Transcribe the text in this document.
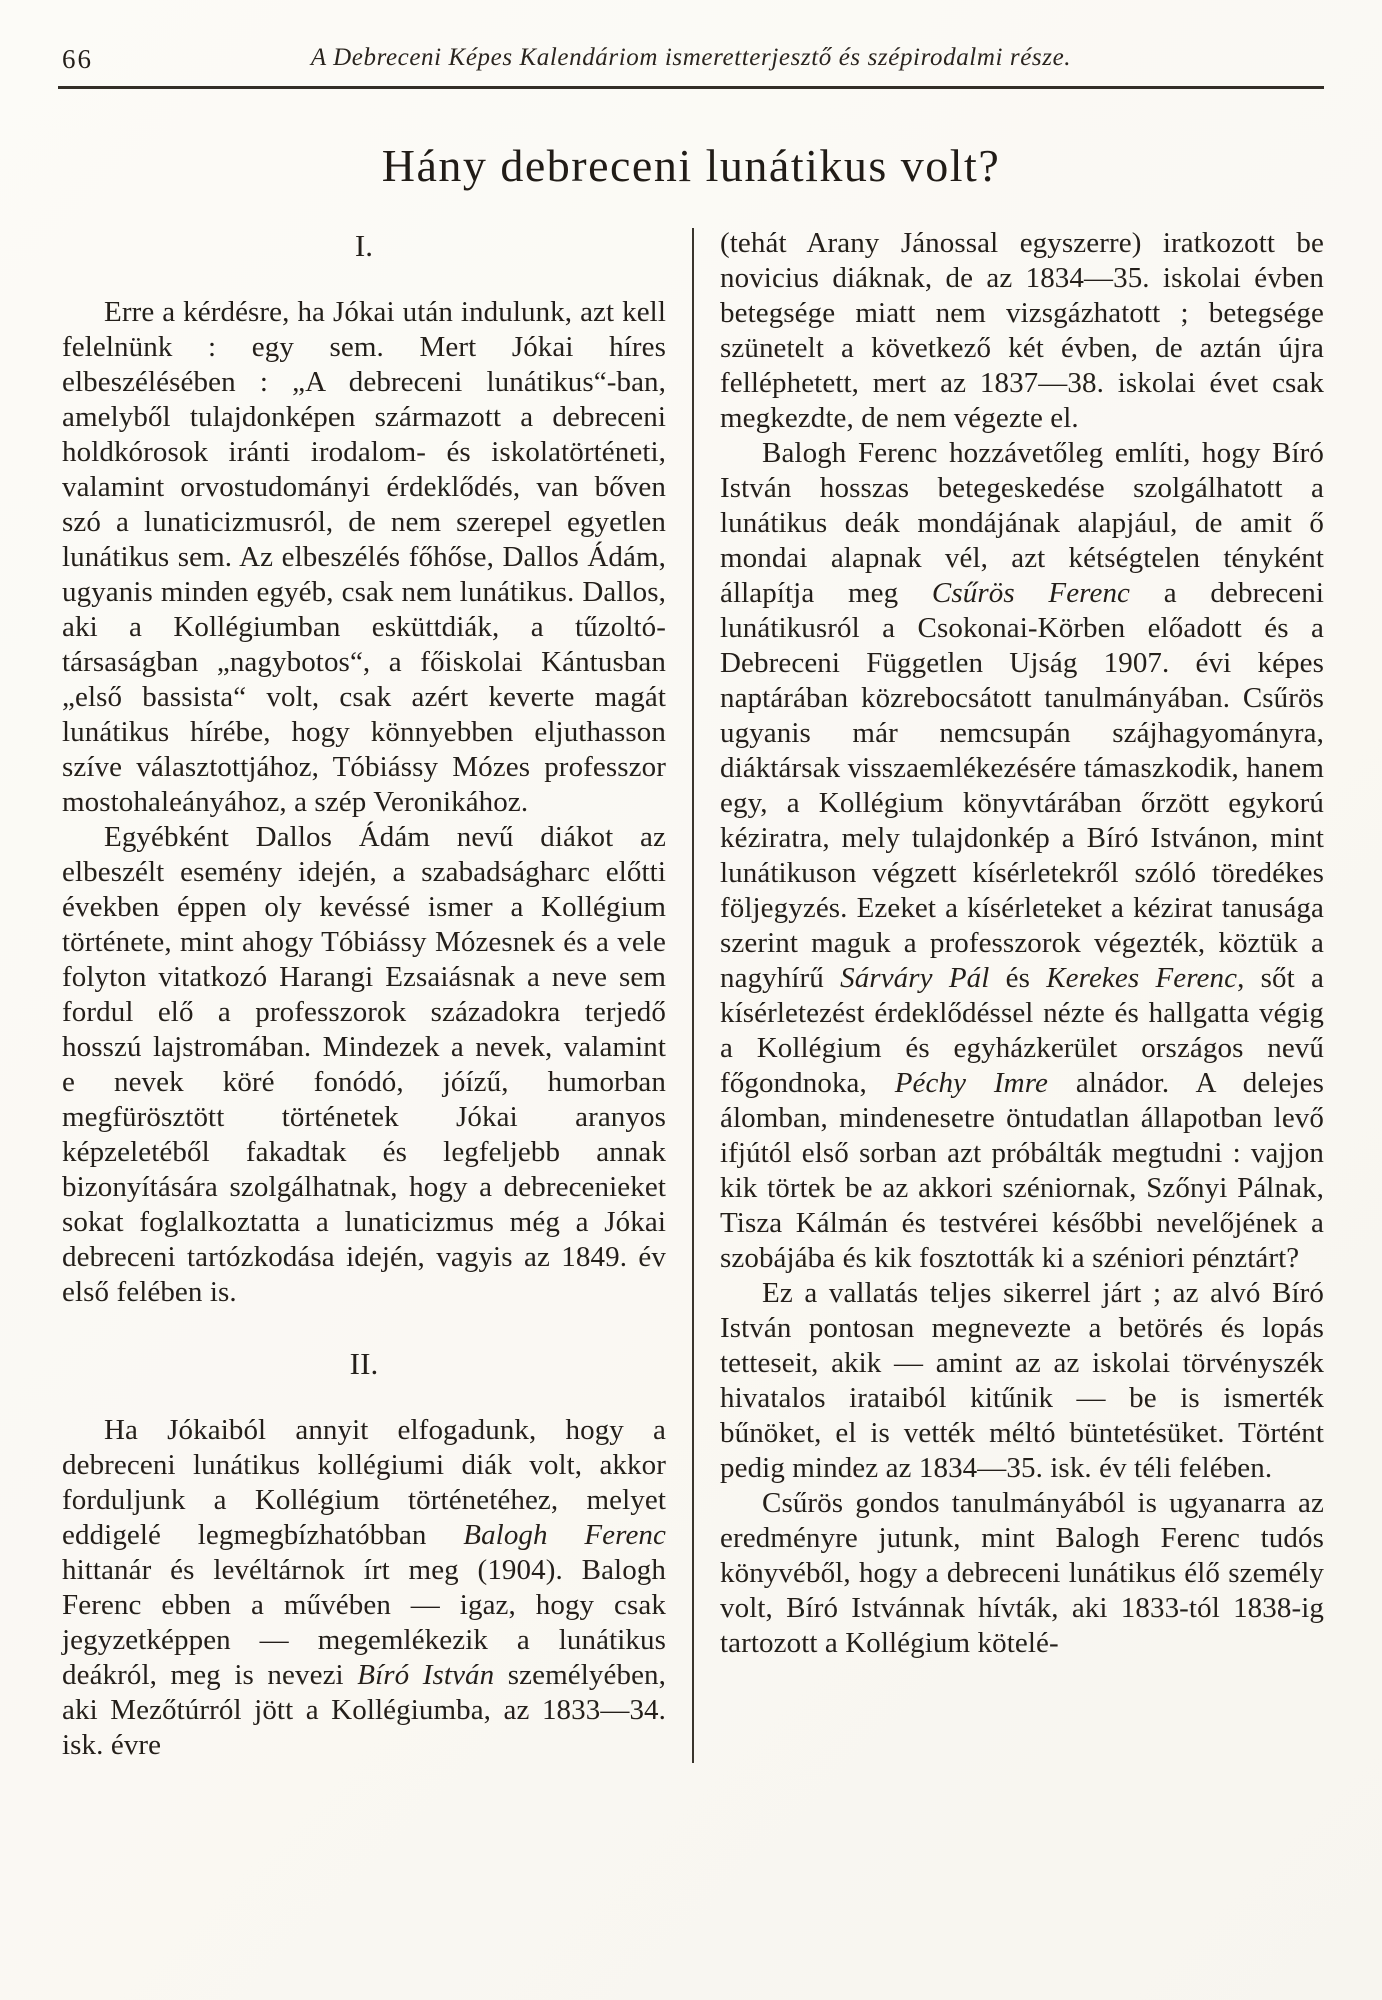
66	A Debreceni Képes Kalendáriom ismeretterjesztő és szépirodalmi része.
Hány debreceni lunátikus volt?
I.

Erre a kérdésre, ha Jókai után indulunk, azt kell felelnünk : egy sem. Mert Jókai híres elbeszélésében : „A debreceni lunátikus“-ban, amelyből tulajdonképen származott a debreceni holdkórosok iránti irodalom- és iskolatörténeti, valamint orvostudományi érdeklődés, van bőven szó a lunaticizmusról, de nem szerepel egyetlen lunátikus sem. Az elbeszélés főhőse, Dallos Ádám, ugyanis minden egyéb, csak nem lunátikus. Dallos, aki a Kollégiumban esküttdiák, a tűzoltó-társaságban „nagybotos“, a főiskolai Kántusban „első bassista“ volt, csak azért keverte magát lunátikus hírébe, hogy könnyebben eljuthasson szíve választottjához, Tóbiássy Mózes professzor mostohaleányához, a szép Veronikához.

Egyébként Dallos Ádám nevű diákot az elbeszélt esemény idején, a szabadságharc előtti években éppen oly kevéssé ismer a Kollégium története, mint ahogy Tóbiássy Mózesnek és a vele folyton vitatkozó Harangi Ezsaiásnak a neve sem fordul elő a professzorok századokra terjedő hosszú lajstromában. Mindezek a nevek, valamint e nevek köré fonódó, jóízű, humorban megfürösztött történetek Jókai aranyos képzeletéből fakadtak és legfeljebb annak bizonyítására szolgálhatnak, hogy a debrecenieket sokat foglalkoztatta a lunaticizmus még a Jókai debreceni tartózkodása idején, vagyis az 1849. év első felében is.

II.

Ha Jókaiból annyit elfogadunk, hogy a debreceni lunátikus kollégiumi diák volt, akkor forduljunk a Kollégium történetéhez, melyet eddigelé legmegbízhatóbban Balogh Ferenc hittanár és levéltárnok írt meg (1904). Balogh Ferenc ebben a művében — igaz, hogy csak jegyzetképpen — megemlékezik a lunátikus deákról, meg is nevezi Bíró István személyében, aki Mezőtúrról jött a Kollégiumba, az 1833—34. isk. évre

(tehát Arany Jánossal egyszerre) iratkozott be novicius diáknak, de az 1834—35. iskolai évben betegsége miatt nem vizsgázhatott ; betegsége szünetelt a következő két évben, de aztán újra felléphetett, mert az 1837—38. iskolai évet csak megkezdte, de nem végezte el.

Balogh Ferenc hozzávetőleg említi, hogy Bíró István hosszas betegeskedése szolgálhatott a lunátikus deák mondájának alapjául, de amit ő mondai alapnak vél, azt kétségtelen tényként állapítja meg Csűrös Ferenc a debreceni lunátikusról a Csokonai-Körben előadott és a Debreceni Független Ujság 1907. évi képes naptárában közrebocsátott tanulmányában. Csűrös ugyanis már nemcsupán szájhagyományra, diáktársak visszaemlékezésére támaszkodik, hanem egy, a Kollégium könyvtárában őrzött egykorú kéziratra, mely tulajdonkép a Bíró Istvánon, mint lunátikuson végzett kísérletekről szóló töredékes följegyzés. Ezeket a kísérleteket a kézirat tanusága szerint maguk a professzorok végezték, köztük a nagyhírű Sárváry Pál és Kerekes Ferenc, sőt a kísérletezést érdeklődéssel nézte és hallgatta végig a Kollégium és egyházkerület országos nevű főgondnoka, Péchy Imre alnádor. A delejes álomban, mindenesetre öntudatlan állapotban levő ifjútól első sorban azt próbálták megtudni : vajjon kik törtek be az akkori széniornak, Szőnyi Pálnak, Tisza Kálmán és testvérei későbbi nevelőjének a szobájába és kik fosztották ki a széniori pénztárt?

Ez a vallatás teljes sikerrel járt ; az alvó Bíró István pontosan megnevezte a betörés és lopás tetteseit, akik — amint az az iskolai törvényszék hivatalos irataiból kitűnik — be is ismerték bűnöket, el is vették méltó büntetésüket. Történt pedig mindez az 1834—35. isk. év téli felében.

Csűrös gondos tanulmányából is ugyanarra az eredményre jutunk, mint Balogh Ferenc tudós könyvéből, hogy a debreceni lunátikus élő személy volt, Bíró Istvánnak hívták, aki 1833-tól 1838-ig tartozott a Kollégium kötelé-
